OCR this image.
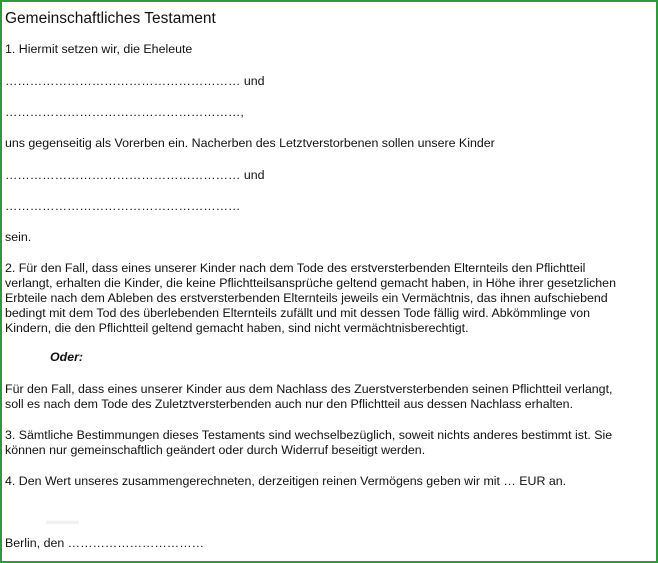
Gemeinschaftliches Testament
1. Hiermit setzen wir, die Eheleute
………………………………………………… und
…………………………………………………,
uns gegenseitig als Vorerben ein. Nacherben des Letztverstorbenen sollen unsere Kinder
………………………………………………… und
…………………………………………………
sein.
2. Für den Fall, dass eines unserer Kinder nach dem Tode des erstversterbenden Elternteils den Pflichtteil
verlangt, erhalten die Kinder, die keine Pflichtteilsansprüche geltend gemacht haben, in Höhe ihrer gesetzlichen
Erbteile nach dem Ableben des erstversterbenden Elternteils jeweils ein Vermächtnis, das ihnen aufschiebend
bedingt mit dem Tod des überlebenden Elternteils zufällt und mit dessen Tode fällig wird. Abkömmlinge von
Kindern, die den Pflichtteil geltend gemacht haben, sind nicht vermächtnisberechtigt.
Oder:
Für den Fall, dass eines unserer Kinder aus dem Nachlass des Zuerstversterbenden seinen Pflichtteil verlangt,
soll es nach dem Tode des Zuletztversterbenden auch nur den Pflichtteil aus dessen Nachlass erhalten.
3. Sämtliche Bestimmungen dieses Testaments sind wechselbezüglich, soweit nichts anderes bestimmt ist. Sie
können nur gemeinschaftlich geändert oder durch Widerruf beseitigt werden.
4. Den Wert unseres zusammengerechneten, derzeitigen reinen Vermögens geben wir mit … EUR an.
▬▬▬
Berlin, den ……………………………
